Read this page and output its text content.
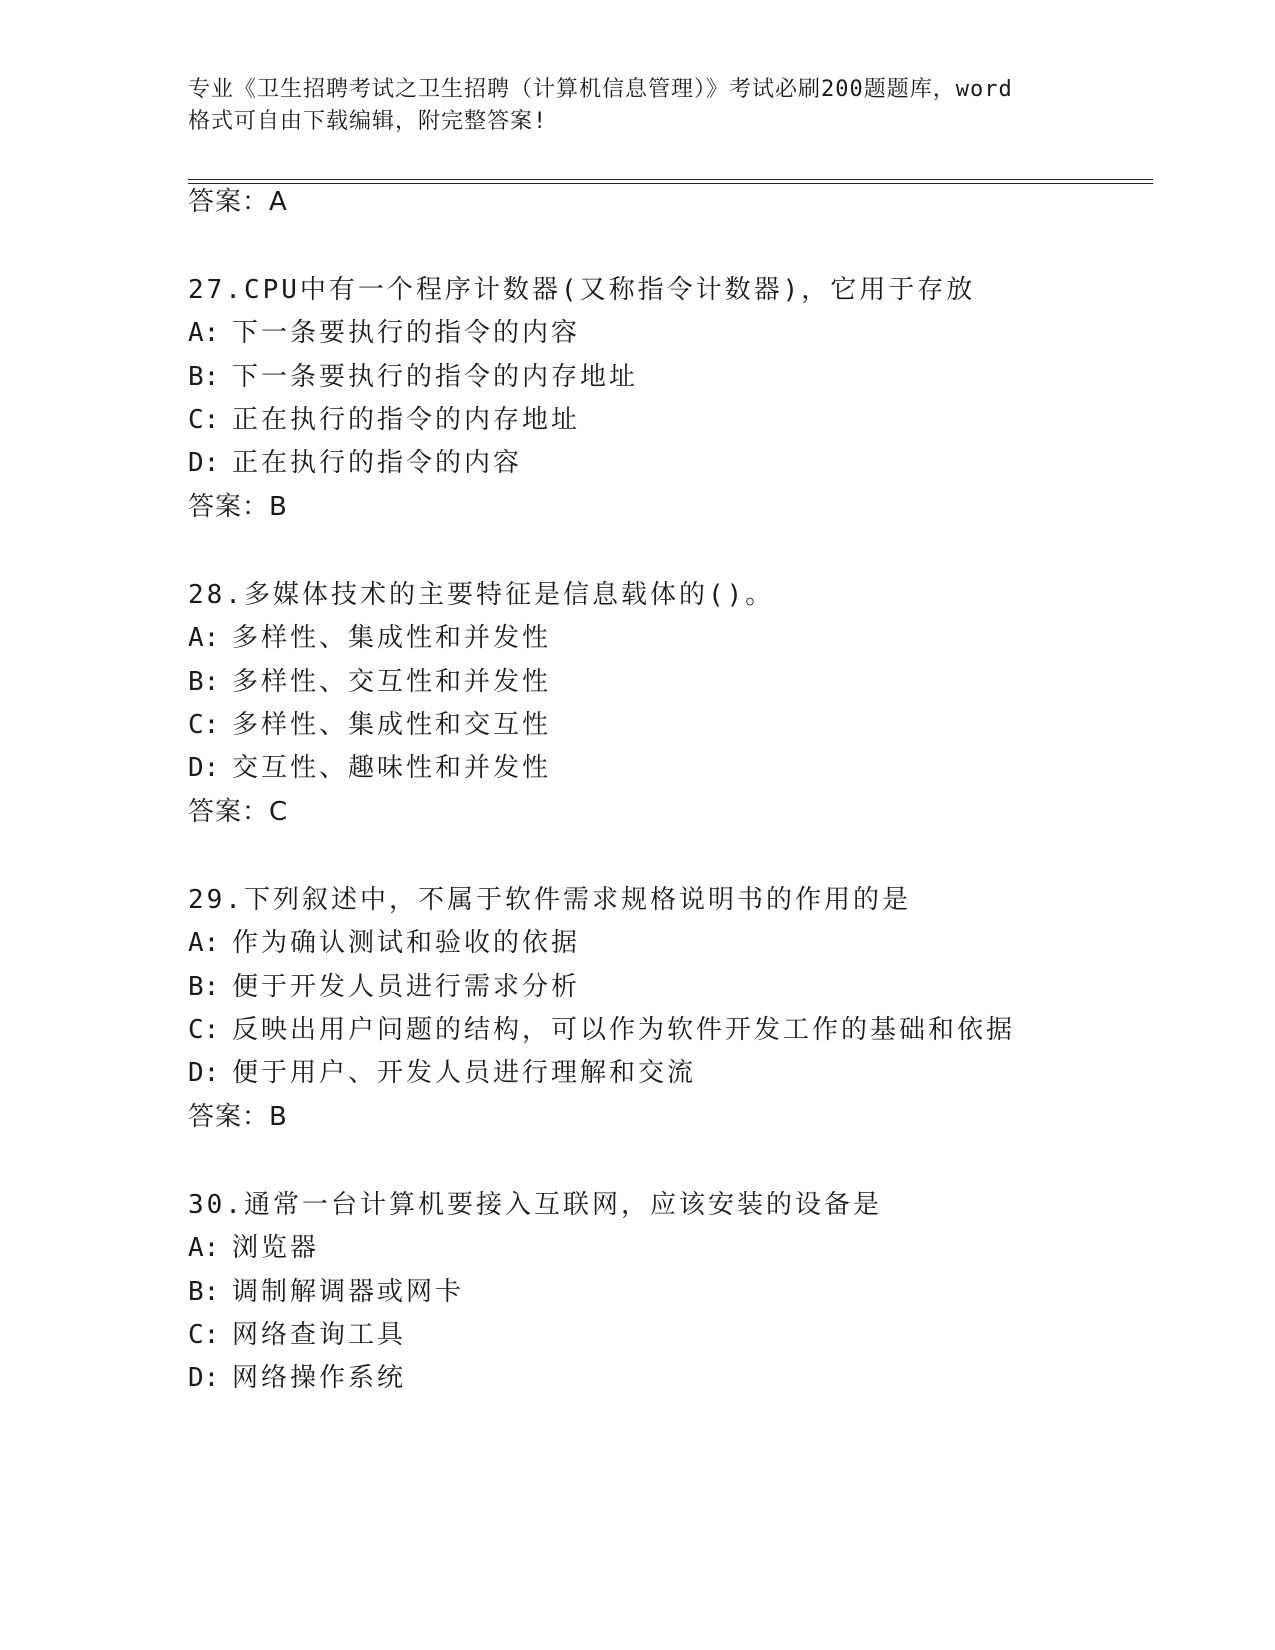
专业《卫生招聘考试之卫生招聘（计算机信息管理）》考试必刷200题题库，word
格式可自由下载编辑，附完整答案!
答案：A
27.CPU中有一个程序计数器(又称指令计数器)，它用于存放
A: 下一条要执行的指令的内容
B: 下一条要执行的指令的内存地址
C: 正在执行的指令的内存地址
D: 正在执行的指令的内容
答案：B
28.多媒体技术的主要特征是信息载体的()。
A: 多样性、集成性和并发性
B: 多样性、交互性和并发性
C: 多样性、集成性和交互性
D: 交互性、趣味性和并发性
答案：C
29.下列叙述中，不属于软件需求规格说明书的作用的是
A: 作为确认测试和验收的依据
B: 便于开发人员进行需求分析
C: 反映出用户问题的结构，可以作为软件开发工作的基础和依据
D: 便于用户、开发人员进行理解和交流
答案：B
30.通常一台计算机要接入互联网，应该安装的设备是
A: 浏览器
B: 调制解调器或网卡
C: 网络查询工具
D: 网络操作系统
